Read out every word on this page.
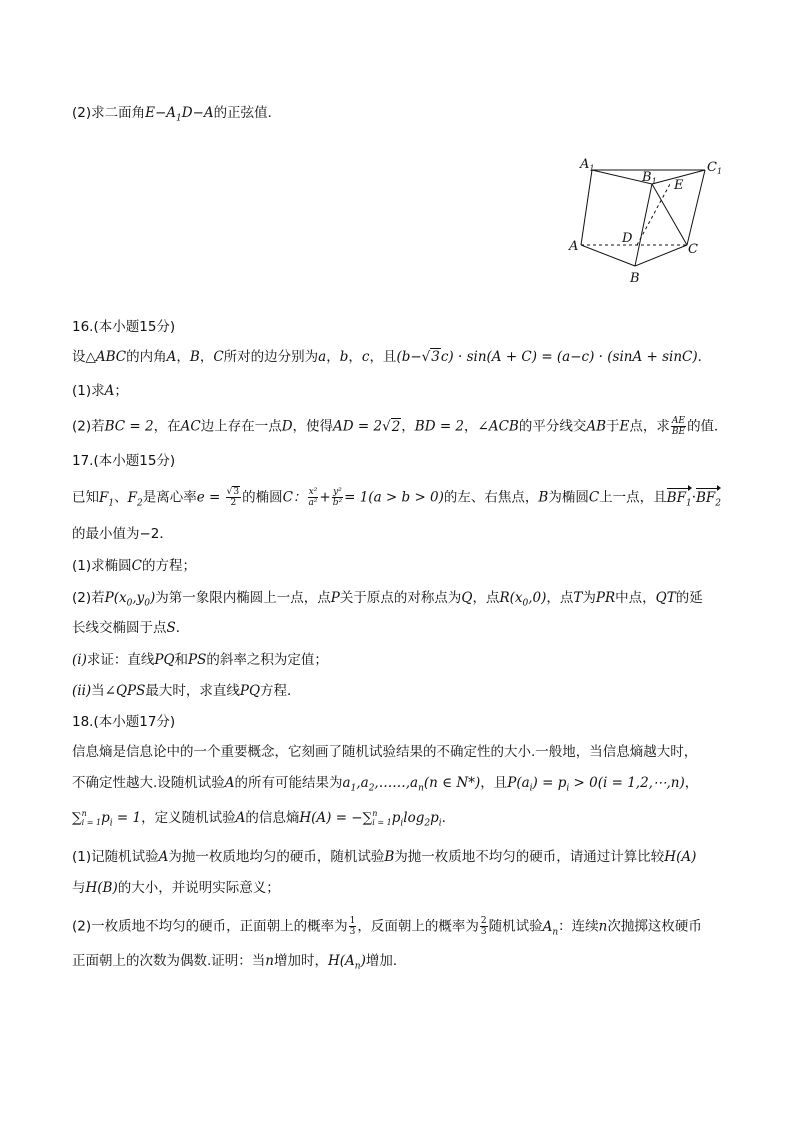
(2)求二面角$E-A_1D-A$的正弦值．
$A_1$
$B_1$
$C_1$
E
D
A
B
C
16.(本小题15分)
设△ABC的内角A，B，C所对的边分别为a，b，c，且(b−√3c) · sin(A + C) = (a−c) · (sinA + sinC)．
(1)求A；
(2)若BC = 2，在AC边上存在一点D，使得AD = 2√2，BD = 2，∠ACB的平分线交AB于E点，求 $\frac{AE}{BE}$ 的值．
17.(本小题15分)
已知$F_1$、$F_2$是离心率$e = \frac{√3}{2}$ 的椭圆C： $\frac{\text{x²}}{\text{a²}} + \frac{\text{y²}}{\text{b²}} = 1(a > b > 0)$的左、右焦点，B为椭圆C上一点，且$BF_1\cdot BF_2$
的最小值为−2．
(1)求椭圆C的方程；
(2)若$P(x_0,y_0)$为第一象限内椭圆上一点，点P关于原点的对称点为Q，点$R(x_0,0)$，点T为PR中点，QT的延
长线交椭圆于点S．
(i)求证：直线PQ和PS的斜率之积为定值；
(ii)当∠QPS最大时，求直线PQ方程．
18.(本小题17分)
信息熵是信息论中的一个重要概念，它刻画了随机试验结果的不确定性的大小.一般地，当信息熵越大时，
不确定性越大.设随机试验A的所有可能结果为$a_1,a_2,\dots\dots,a_n(n$ ∈ N*)，且$P(a_i) = p_i > 0(i$ = 1,2,⋯,n)，
∑ n
i = 1 $p_i = 1$，定义随机试验A的信息熵H(A) = −∑ n
i = 1 $p_i\log_2p_i$．
(1)记随机试验A为抛一枚质地均匀的硬币，随机试验B为抛一枚质地不均匀的硬币，请通过计算比较H(A)
与H(B)的大小，并说明实际意义；
(2)一枚质地不均匀的硬币，正面朝上的概率为 $\frac{1}{3}$ ，反面朝上的概率为 $\frac{2}{3}$ 随机试验$A_n$：连续n次抛掷这枚硬币
正面朝上的次数为偶数.证明：当n增加时，$H(A_n)$增加．
